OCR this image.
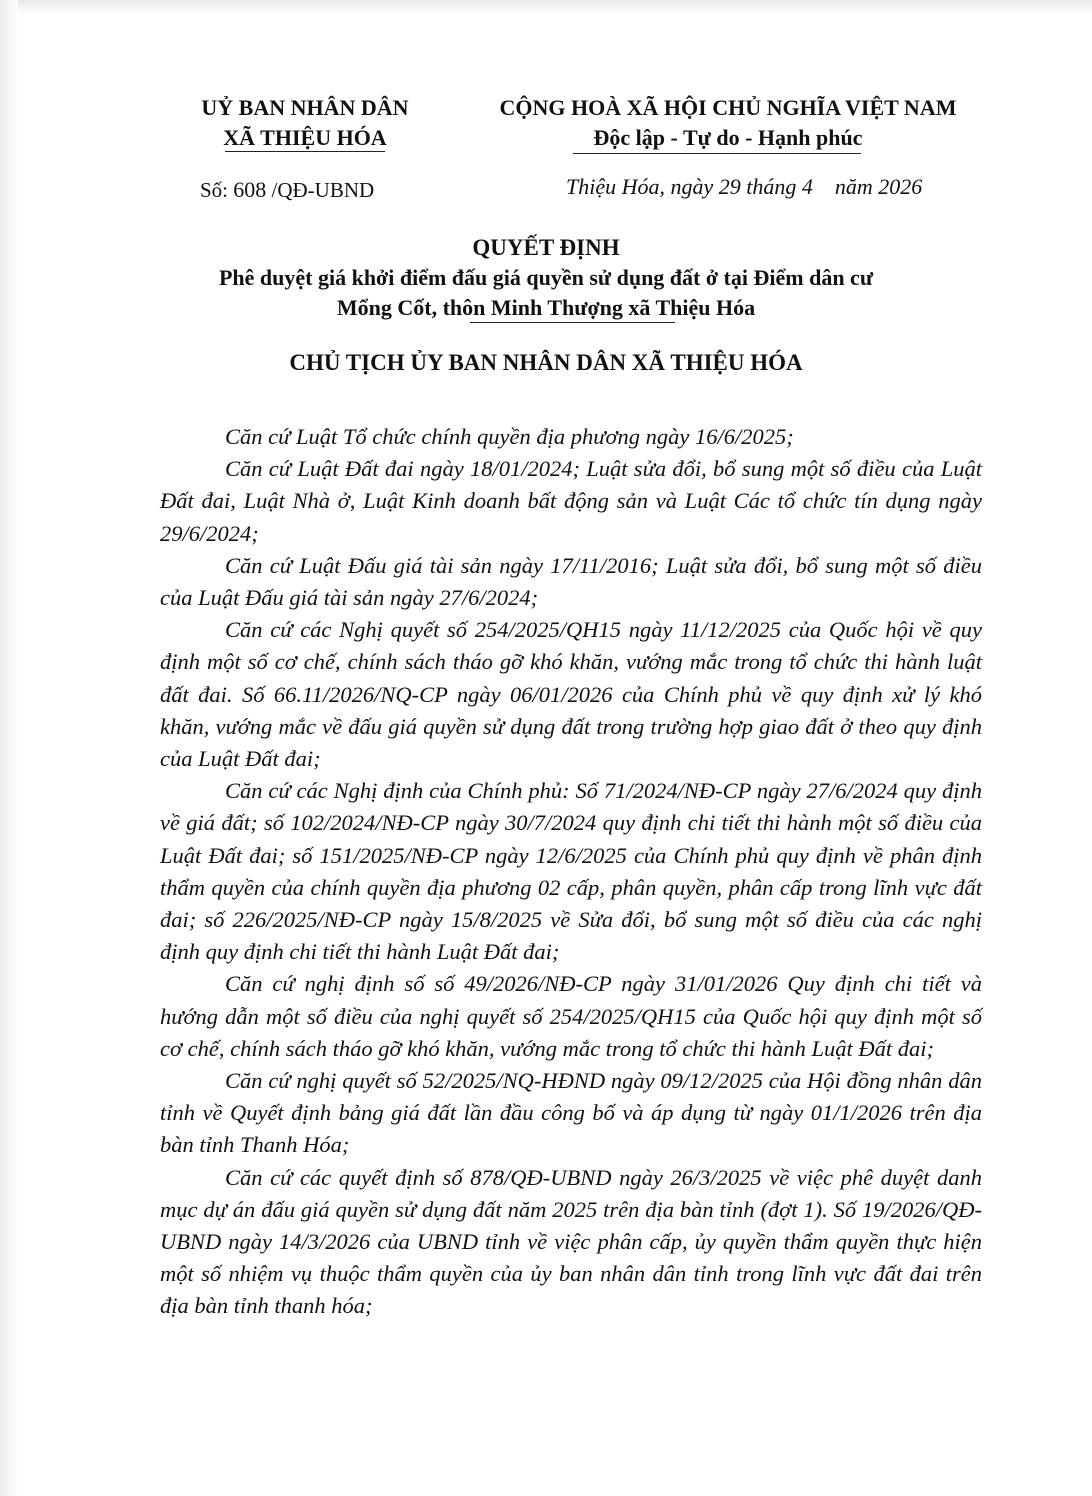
UỶ BAN NHÂN DÂN
XÃ THIỆU HÓA
CỘNG HOÀ XÃ HỘI CHỦ NGHĨA VIỆT NAM
Độc lập - Tự do - Hạnh phúc
Số: 608 /QĐ-UBND	Thiệu Hóa, ngày 29 tháng 4 năm 2026
QUYẾT ĐỊNH
Phê duyệt giá khởi điểm đấu giá quyền sử dụng đất ở tại Điểm dân cư
Mổng Cốt, thôn Minh Thượng xã Thiệu Hóa
CHỦ TỊCH ỦY BAN NHÂN DÂN XÃ THIỆU HÓA

Căn cứ Luật Tổ chức chính quyền địa phương ngày 16/6/2025;

Căn cứ Luật Đất đai ngày 18/01/2024; Luật sửa đổi, bổ sung một số điều của Luật Đất đai, Luật Nhà ở, Luật Kinh doanh bất động sản và Luật Các tổ chức tín dụng ngày 29/6/2024;

Căn cứ Luật Đấu giá tài sản ngày 17/11/2016; Luật sửa đổi, bổ sung một số điều của Luật Đấu giá tài sản ngày 27/6/2024;

Căn cứ các Nghị quyết số 254/2025/QH15 ngày 11/12/2025 của Quốc hội về quy định một số cơ chế, chính sách tháo gỡ khó khăn, vướng mắc trong tổ chức thi hành luật đất đai. Số 66.11/2026/NQ-CP ngày 06/01/2026 của Chính phủ về quy định xử lý khó khăn, vướng mắc về đấu giá quyền sử dụng đất trong trường hợp giao đất ở theo quy định của Luật Đất đai;

Căn cứ các Nghị định của Chính phủ: Số 71/2024/NĐ-CP ngày 27/6/2024 quy định về giá đất; số 102/2024/NĐ-CP ngày 30/7/2024 quy định chi tiết thi hành một số điều của Luật Đất đai; số 151/2025/NĐ-CP ngày 12/6/2025 của Chính phủ quy định về phân định thẩm quyền của chính quyền địa phương 02 cấp, phân quyền, phân cấp trong lĩnh vực đất đai; số 226/2025/NĐ-CP ngày 15/8/2025 về Sửa đổi, bổ sung một số điều của các nghị định quy định chi tiết thi hành Luật Đất đai;

Căn cứ nghị định số số 49/2026/NĐ-CP ngày 31/01/2026 Quy định chi tiết và hướng dẫn một số điều của nghị quyết số 254/2025/QH15 của Quốc hội quy định một số cơ chế, chính sách tháo gỡ khó khăn, vướng mắc trong tổ chức thi hành Luật Đất đai;

Căn cứ nghị quyết số 52/2025/NQ-HĐND ngày 09/12/2025 của Hội đồng nhân dân tỉnh về Quyết định bảng giá đất lần đầu công bố và áp dụng từ ngày 01/1/2026 trên địa bàn tỉnh Thanh Hóa;

Căn cứ các quyết định số 878/QĐ-UBND ngày 26/3/2025 về việc phê duyệt danh mục dự án đấu giá quyền sử dụng đất năm 2025 trên địa bàn tỉnh (đợt 1). Số 19/2026/QĐ-UBND ngày 14/3/2026 của UBND tỉnh về việc phân cấp, ủy quyền thẩm quyền thực hiện một số nhiệm vụ thuộc thẩm quyền của ủy ban nhân dân tỉnh trong lĩnh vực đất đai trên địa bàn tỉnh thanh hóa;
